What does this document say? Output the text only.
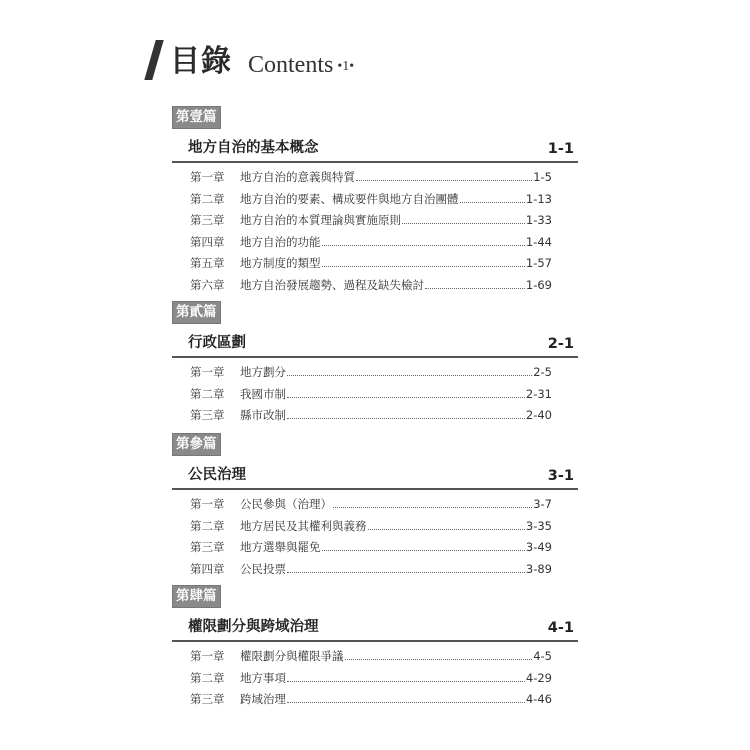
目錄 Contents •1•
第壹篇
地方自治的基本概念	1-1
第一章	地方自治的意義與特質	1-5
第二章	地方自治的要素、構成要件與地方自治團體	1-13
第三章	地方自治的本質理論與實施原則	1-33
第四章	地方自治的功能	1-44
第五章	地方制度的類型	1-57
第六章	地方自治發展趨勢、過程及缺失檢討	1-69
第貳篇
行政區劃	2-1
第一章	地方劃分	2-5
第二章	我國市制	2-31
第三章	縣市改制	2-40
第參篇
公民治理	3-1
第一章	公民參與（治理）	3-7
第二章	地方居民及其權利與義務	3-35
第三章	地方選舉與罷免	3-49
第四章	公民投票	3-89
第肆篇
權限劃分與跨域治理	4-1
第一章	權限劃分與權限爭議	4-5
第二章	地方事項	4-29
第三章	跨域治理	4-46
